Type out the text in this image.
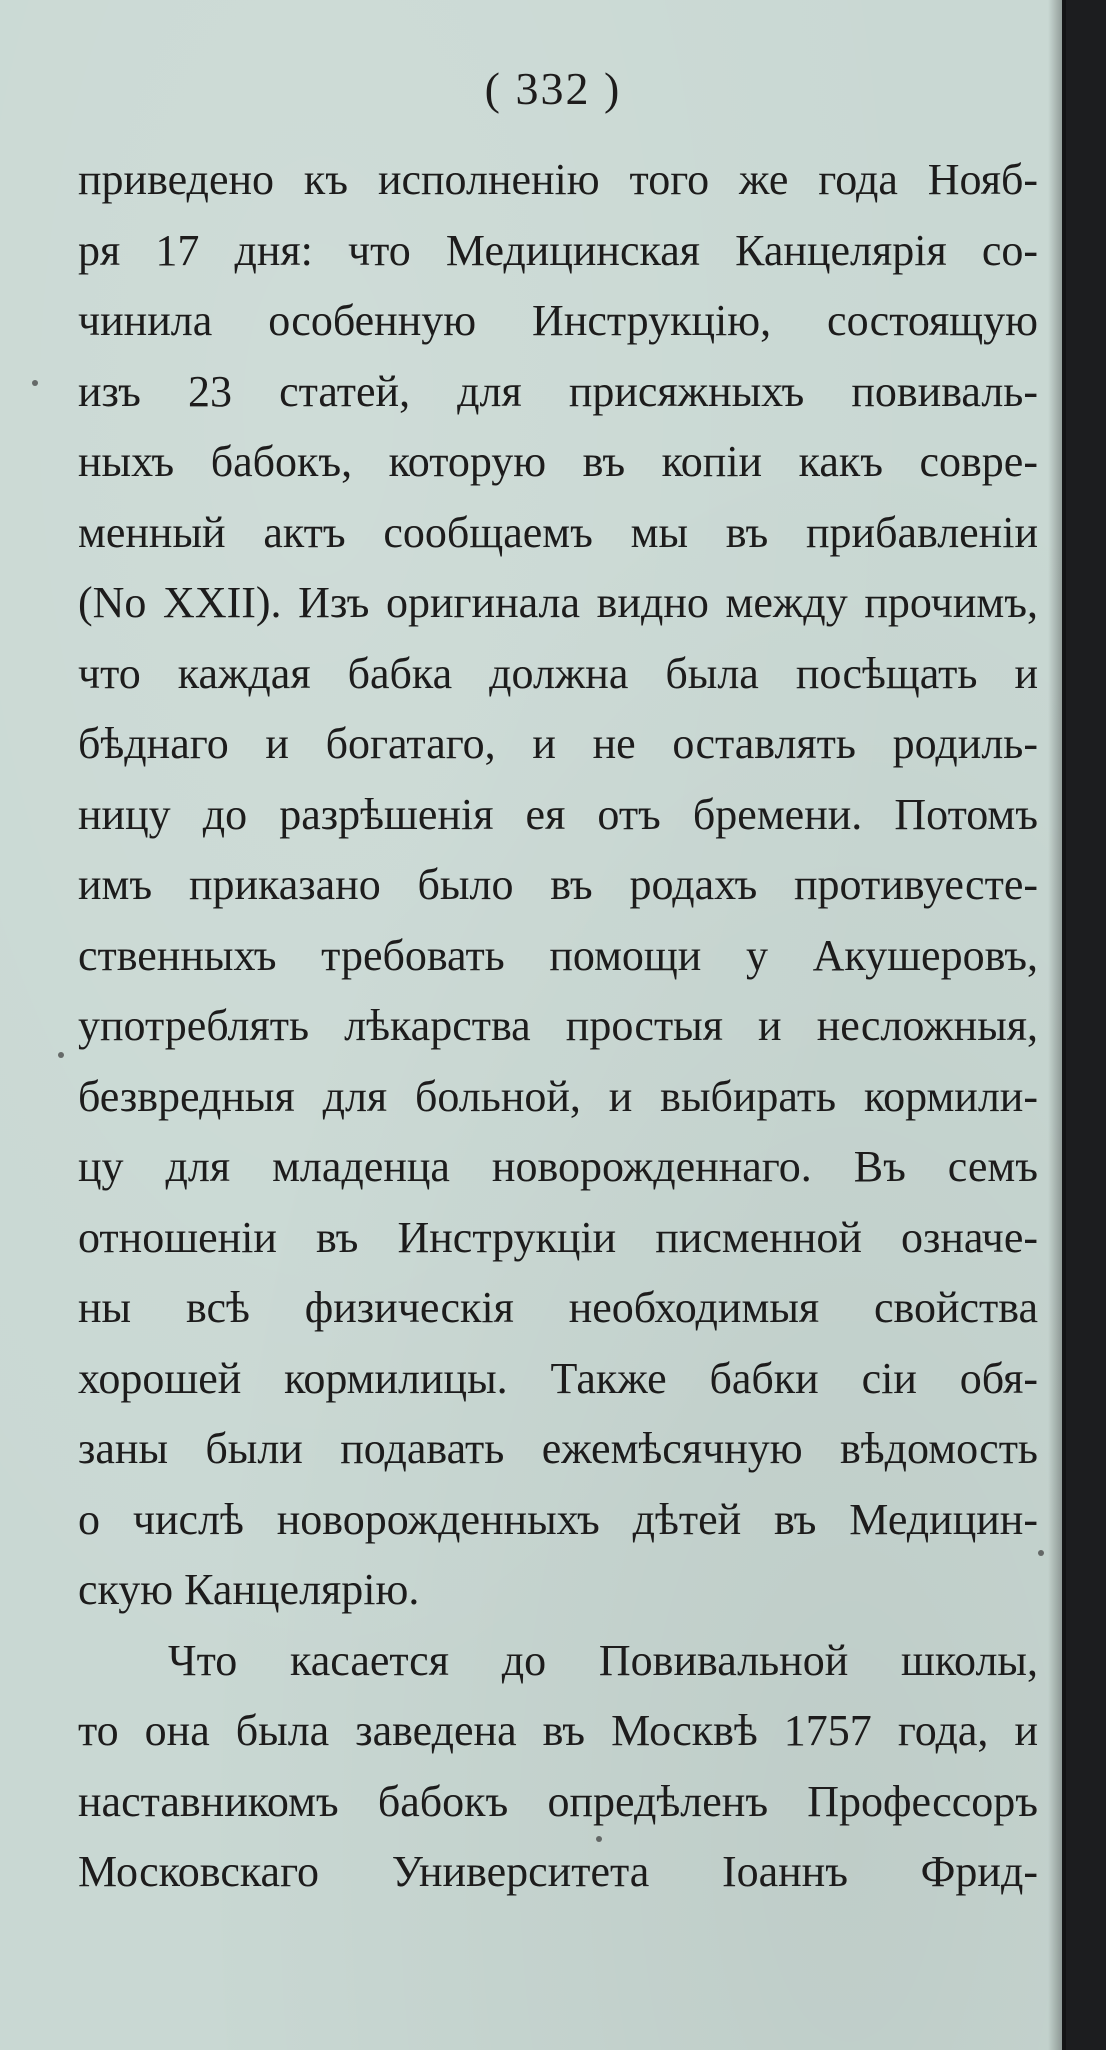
( 332 )
приведено къ исполненію того же года Нояб-
ря 17 дня: что Медицинская Канцелярія со-
чинила особенную Инструкцію, состоящую
изъ 23 статей, для присяжныхъ повиваль-
ныхъ бабокъ, которую въ копіи какъ совре-
менный актъ сообщаемъ мы въ прибавленіи
(No XXII). Изъ оригинала видно между прочимъ,
что каждая бабка должна была посѣщать и
бѣднаго и богатаго, и не оставлять родиль-
ницу до разрѣшенія ея отъ бремени. Потомъ
имъ приказано было въ родахъ противуесте-
ственныхъ требовать помощи у Акушеровъ,
употреблять лѣкарства простыя и несложныя,
безвредныя для больной, и выбирать кормили-
цу для младенца новорожденнаго. Въ семъ
отношеніи въ Инструкціи писменной означе-
ны всѣ физическія необходимыя свойства
хорошей кормилицы. Также бабки сіи обя-
заны были подавать ежемѣсячную вѣдомость
о числѣ новорожденныхъ дѣтей въ Медицин-
скую Канцелярію.
Что касается до Повивальной школы,
то она была заведена въ Москвѣ 1757 года, и
наставникомъ бабокъ опредѣленъ Профессоръ
Московскаго Университета Іоаннъ Фрид-
